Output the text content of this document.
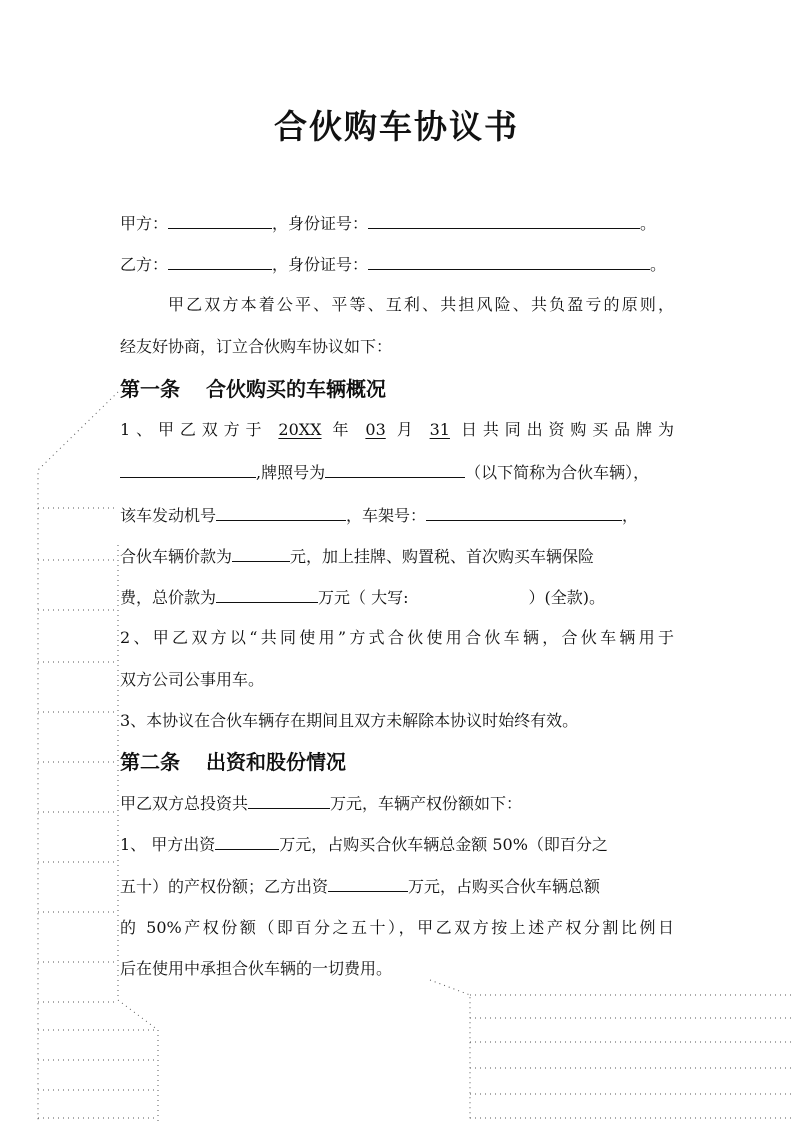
合伙购车协议书
甲方：	，身份证号：	。
乙方：	，身份证号：	。
甲乙双方本着公平、平等、互利、共担风险、共负盈亏的原则，
经友好协商，订立合伙购车协议如下：
第一条 合伙购买的车辆概况
1、甲乙双方于 20XX 年 03 月 31 日共同出资购买品牌为
,牌照号为	（以下简称为合伙车辆），
该车发动机号	，车架号：	，
合伙车辆价款为	元，加上挂牌、购置税、首次购买车辆保险
费，总价款为	万元（ 大写:	）(全款)。
2、甲乙双方以“共同使用”方式合伙使用合伙车辆，合伙车辆用于
双方公司公事用车。
3、本协议在合伙车辆存在期间且双方未解除本协议时始终有效。
第二条 出资和股份情况
甲乙双方总投资共	万元，车辆产权份额如下：
1、 甲方出资	万元，占购买合伙车辆总金额 50%（即百分之
五十）的产权份额；乙方出资	万元，占购买合伙车辆总额
的 50%产权份额（即百分之五十），甲乙双方按上述产权分割比例日
后在使用中承担合伙车辆的一切费用。
